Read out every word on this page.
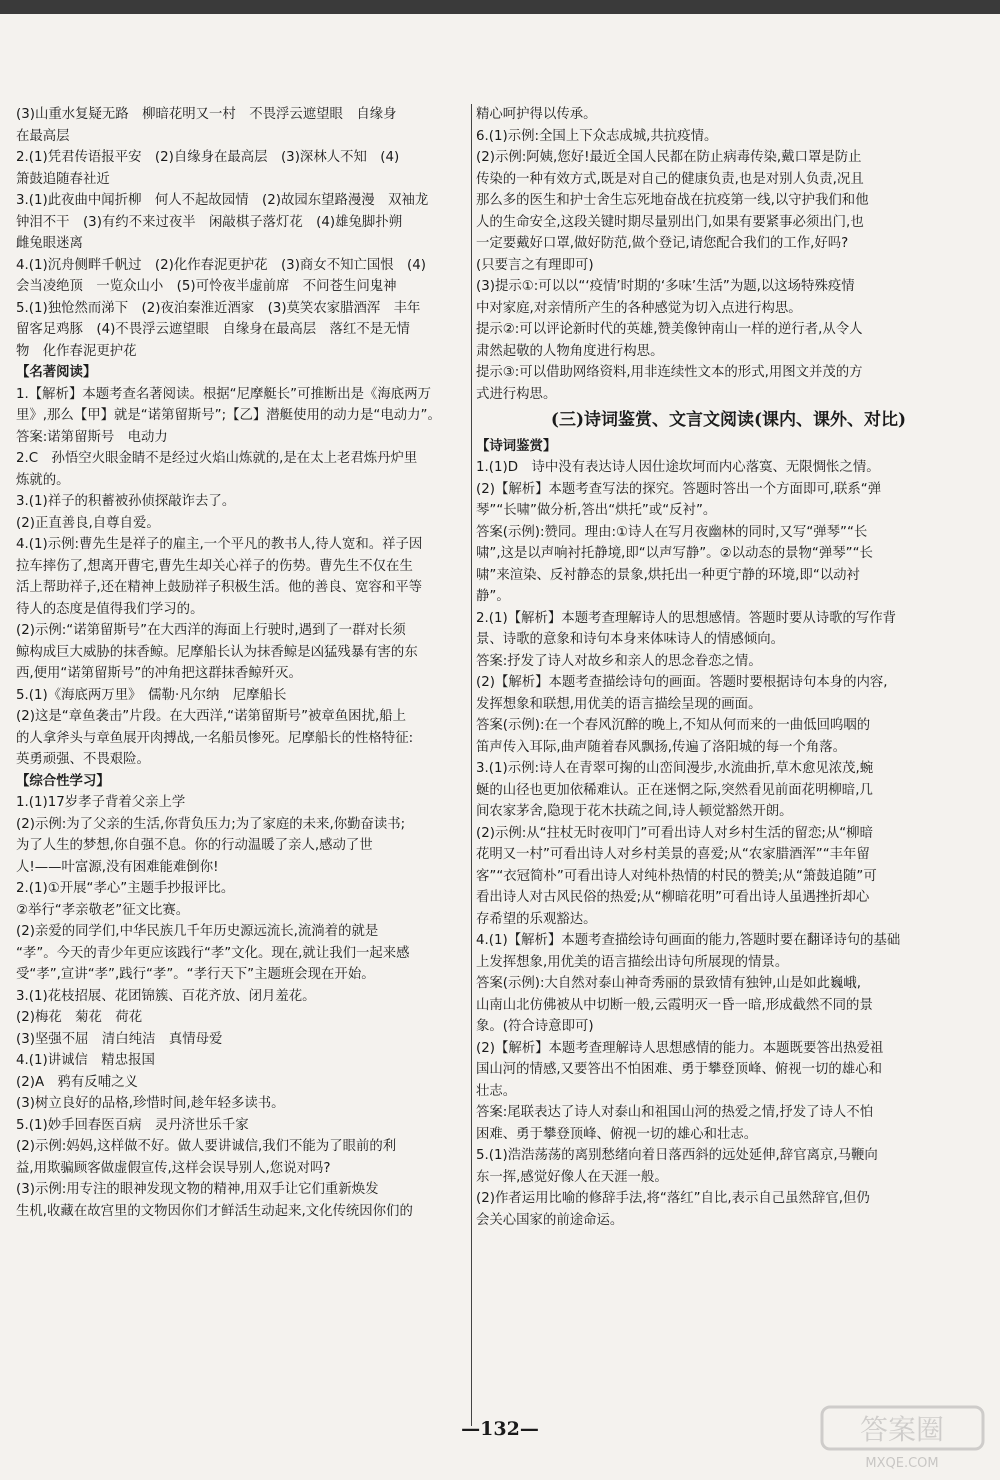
(3)山重水复疑无路　柳暗花明又一村　不畏浮云遮望眼　自缘身
在最高层
2.(1)凭君传语报平安　(2)自缘身在最高层　(3)深林人不知　(4)
箫鼓追随春社近
3.(1)此夜曲中闻折柳　何人不起故园情　(2)故园东望路漫漫　双袖龙
钟泪不干　(3)有约不来过夜半　闲敲棋子落灯花　(4)雄兔脚扑朔
雌兔眼迷离
4.(1)沉舟侧畔千帆过　(2)化作春泥更护花　(3)商女不知亡国恨　(4)
会当凌绝顶　一览众山小　(5)可怜夜半虚前席　不问苍生问鬼神
5.(1)独怆然而涕下　(2)夜泊秦淮近酒家　(3)莫笑农家腊酒浑　丰年
留客足鸡豚　(4)不畏浮云遮望眼　自缘身在最高层　落红不是无情
物　化作春泥更护花
【名著阅读】
1.【解析】本题考查名著阅读。根据“尼摩艇长”可推断出是《海底两万
里》,那么【甲】就是“诺第留斯号”;【乙】潜艇使用的动力是“电动力”。
答案:诺第留斯号　电动力
2.C　孙悟空火眼金睛不是经过火焰山炼就的,是在太上老君炼丹炉里
炼就的。
3.(1)祥子的积蓄被孙侦探敲诈去了。
(2)正直善良,自尊自爱。
4.(1)示例:曹先生是祥子的雇主,一个平凡的教书人,待人宽和。祥子因
拉车摔伤了,想离开曹宅,曹先生却关心祥子的伤势。曹先生不仅在生
活上帮助祥子,还在精神上鼓励祥子积极生活。他的善良、宽容和平等
待人的态度是值得我们学习的。
(2)示例:“诺第留斯号”在大西洋的海面上行驶时,遇到了一群对长须
鲸构成巨大威胁的抹香鲸。尼摩船长认为抹香鲸是凶猛残暴有害的东
西,便用“诺第留斯号”的冲角把这群抹香鲸歼灭。
5.(1)《海底两万里》　儒勒·凡尔纳　尼摩船长
(2)这是“章鱼袭击”片段。在大西洋,“诺第留斯号”被章鱼困扰,船上
的人拿斧头与章鱼展开肉搏战,一名船员惨死。尼摩船长的性格特征:
英勇顽强、不畏艰险。
【综合性学习】
1.(1)17岁孝子背着父亲上学
(2)示例:为了父亲的生活,你背负压力;为了家庭的未来,你勤奋读书;
为了人生的梦想,你自强不息。你的行动温暖了亲人,感动了世
人!——叶富源,没有困难能难倒你!
2.(1)①开展“孝心”主题手抄报评比。
②举行“孝亲敬老”征文比赛。
(2)亲爱的同学们,中华民族几千年历史源远流长,流淌着的就是
“孝”。今天的青少年更应该践行“孝”文化。现在,就让我们一起来感
受“孝”,宣讲“孝”,践行“孝”。“孝行天下”主题班会现在开始。
3.(1)花枝招展、花团锦簇、百花齐放、闭月羞花。
(2)梅花　菊花　荷花
(3)坚强不屈　清白纯洁　真情母爱
4.(1)讲诚信　精忠报国
(2)A　鸦有反哺之义
(3)树立良好的品格,珍惜时间,趁年轻多读书。
5.(1)妙手回春医百病　灵丹济世乐千家
(2)示例:妈妈,这样做不好。做人要讲诚信,我们不能为了眼前的利
益,用欺骗顾客做虚假宣传,这样会误导别人,您说对吗?
(3)示例:用专注的眼神发现文物的精神,用双手让它们重新焕发
生机,收藏在故宫里的文物因你们才鲜活生动起来,文化传统因你们的
精心呵护得以传承。
6.(1)示例:全国上下众志成城,共抗疫情。
(2)示例:阿姨,您好!最近全国人民都在防止病毒传染,戴口罩是防止
传染的一种有效方式,既是对自己的健康负责,也是对别人负责,况且
那么多的医生和护士舍生忘死地奋战在抗疫第一线,以守护我们和他
人的生命安全,这段关键时期尽量别出门,如果有要紧事必须出门,也
一定要戴好口罩,做好防范,做个登记,请您配合我们的工作,好吗?
(只要言之有理即可)
(3)提示①:可以以“‘疫情’时期的‘多味’生活”为题,以这场特殊疫情
中对家庭,对亲情所产生的各种感觉为切入点进行构思。
提示②:可以评论新时代的英雄,赞美像钟南山一样的逆行者,从令人
肃然起敬的人物角度进行构思。
提示③:可以借助网络资料,用非连续性文本的形式,用图文并茂的方
式进行构思。
(三)诗词鉴赏、文言文阅读(课内、课外、对比)
【诗词鉴赏】
1.(1)D　诗中没有表达诗人因仕途坎坷而内心落寞、无限惆怅之情。
(2)【解析】本题考查写法的探究。答题时答出一个方面即可,联系“弹
琴”“长啸”做分析,答出“烘托”或“反衬”。
答案(示例):赞同。理由:①诗人在写月夜幽林的同时,又写“弹琴”“长
啸”,这是以声响衬托静境,即“以声写静”。②以动态的景物“弹琴”“长
啸”来渲染、反衬静态的景象,烘托出一种更宁静的环境,即“以动衬
静”。
2.(1)【解析】本题考查理解诗人的思想感情。答题时要从诗歌的写作背
景、诗歌的意象和诗句本身来体味诗人的情感倾向。
答案:抒发了诗人对故乡和亲人的思念眷恋之情。
(2)【解析】本题考查描绘诗句的画面。答题时要根据诗句本身的内容,
发挥想象和联想,用优美的语言描绘呈现的画面。
答案(示例):在一个春风沉醉的晚上,不知从何而来的一曲低回呜咽的
笛声传入耳际,曲声随着春风飘扬,传遍了洛阳城的每一个角落。
3.(1)示例:诗人在青翠可掬的山峦间漫步,水流曲折,草木愈见浓茂,蜿
蜒的山径也更加依稀难认。正在迷惘之际,突然看见前面花明柳暗,几
间农家茅舍,隐现于花木扶疏之间,诗人顿觉豁然开朗。
(2)示例:从“拄杖无时夜叩门”可看出诗人对乡村生活的留恋;从“柳暗
花明又一村”可看出诗人对乡村美景的喜爱;从“农家腊酒浑”“丰年留
客”“衣冠简朴”可看出诗人对纯朴热情的村民的赞美;从“箫鼓追随”可
看出诗人对古风民俗的热爱;从“柳暗花明”可看出诗人虽遇挫折却心
存希望的乐观豁达。
4.(1)【解析】本题考查描绘诗句画面的能力,答题时要在翻译诗句的基础
上发挥想象,用优美的语言描绘出诗句所展现的情景。
答案(示例):大自然对泰山神奇秀丽的景致情有独钟,山是如此巍峨,
山南山北仿佛被从中切断一般,云霞明灭一昏一暗,形成截然不同的景
象。(符合诗意即可)
(2)【解析】本题考查理解诗人思想感情的能力。本题既要答出热爱祖
国山河的情感,又要答出不怕困难、勇于攀登顶峰、俯视一切的雄心和
壮志。
答案:尾联表达了诗人对泰山和祖国山河的热爱之情,抒发了诗人不怕
困难、勇于攀登顶峰、俯视一切的雄心和壮志。
5.(1)浩浩荡荡的离别愁绪向着日落西斜的远处延伸,辞官离京,马鞭向
东一挥,感觉好像人在天涯一般。
(2)作者运用比喻的修辞手法,将“落红”自比,表示自己虽然辞官,但仍
会关心国家的前途命运。
—132—	答案圈
MXQE.COM
